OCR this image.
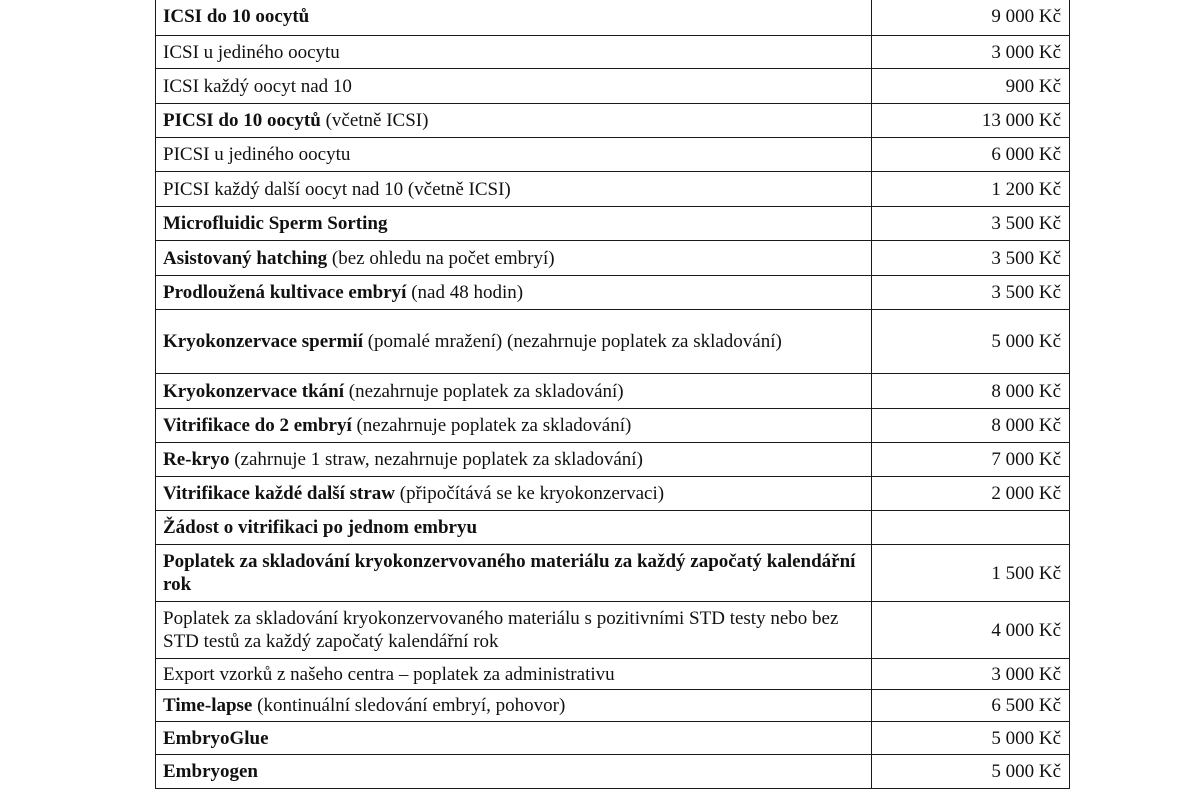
ICSI do 10 oocytů	9 000 Kč
ICSI u jediného oocytu	3 000 Kč
ICSI každý oocyt nad 10	900 Kč
PICSI do 10 oocytů (včetně ICSI)	13 000 Kč
PICSI u jediného oocytu	6 000 Kč
PICSI každý další oocyt nad 10 (včetně ICSI)	1 200 Kč
Microfluidic Sperm Sorting	3 500 Kč
Asistovaný hatching (bez ohledu na počet embryí)	3 500 Kč
Prodloužená kultivace embryí (nad 48 hodin)	3 500 Kč
Kryokonzervace spermií (pomalé mražení) (nezahrnuje poplatek za skladování)	5 000 Kč
Kryokonzervace tkání (nezahrnuje poplatek za skladování)	8 000 Kč
Vitrifikace do 2 embryí (nezahrnuje poplatek za skladování)	8 000 Kč
Re-kryo (zahrnuje 1 straw, nezahrnuje poplatek za skladování)	7 000 Kč
Vitrifikace každé další straw (připočítává se ke kryokonzervaci)	2 000 Kč
Žádost o vitrifikaci po jednom embryu	
Poplatek za skladování kryokonzervovaného materiálu za každý započatý kalendářní rok	1 500 Kč
Poplatek za skladování kryokonzervovaného materiálu s pozitivními STD testy nebo bez STD testů za každý započatý kalendářní rok	4 000 Kč
Export vzorků z našeho centra – poplatek za administrativu	3 000 Kč
Time-lapse (kontinuální sledování embryí, pohovor)	6 500 Kč
EmbryoGlue	5 000 Kč
Embryogen	5 000 Kč
